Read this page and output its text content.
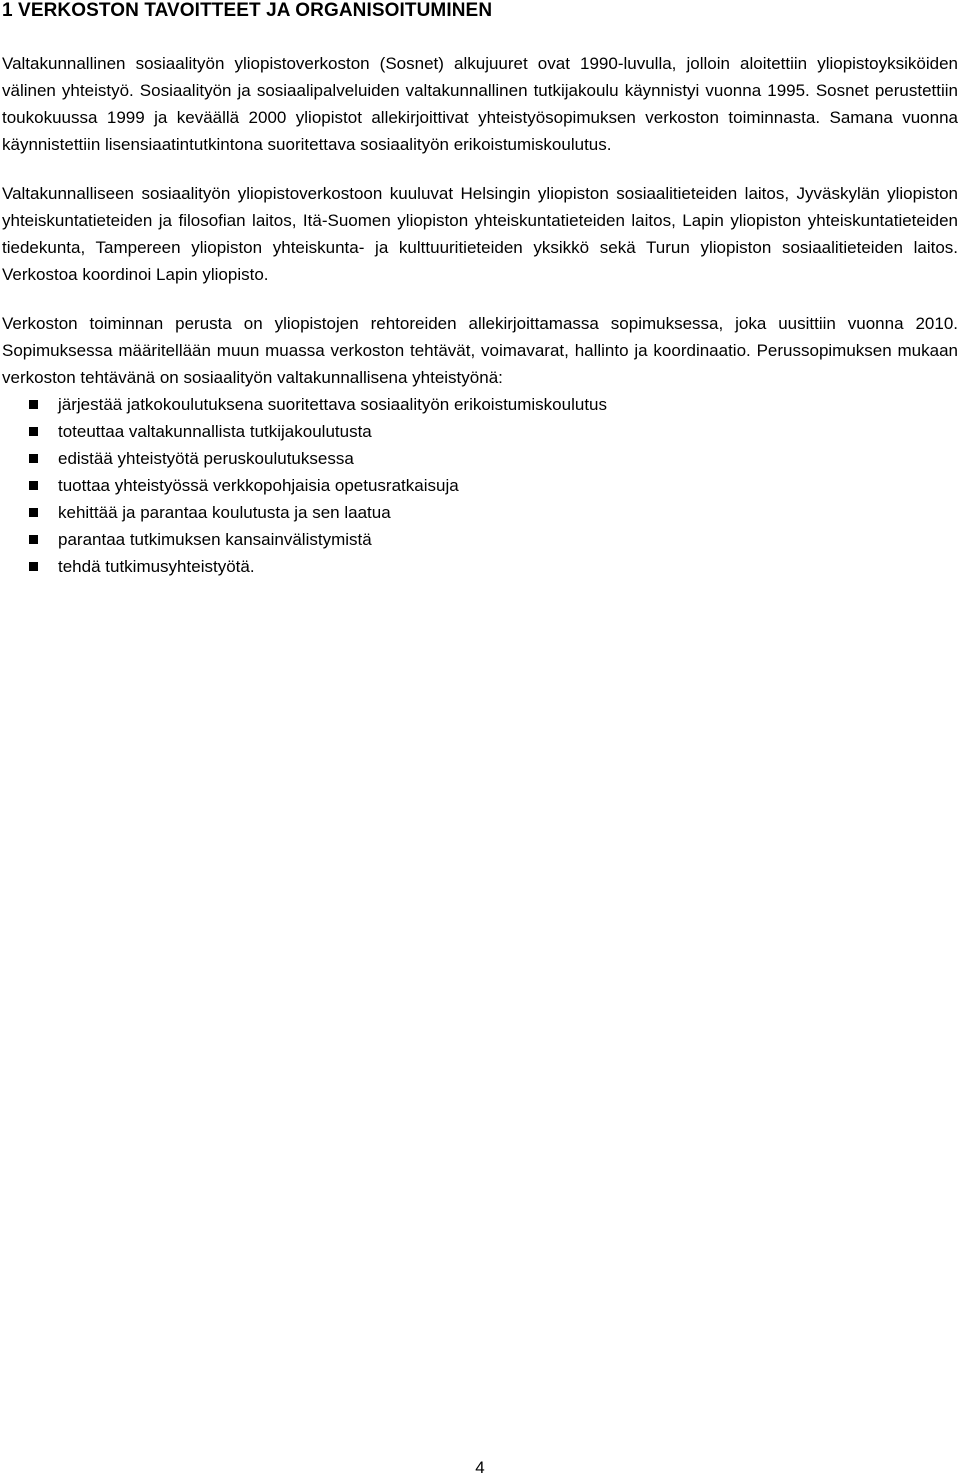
1 VERKOSTON TAVOITTEET JA ORGANISOITUMINEN

Valtakunnallinen sosiaalityön yliopistoverkoston (Sosnet) alkujuuret ovat 1990-luvulla, jolloin aloitettiin yliopistoyksiköiden välinen yhteistyö. Sosiaalityön ja sosiaalipalveluiden valtakunnallinen tutkijakoulu käynnistyi vuonna 1995. Sosnet perustettiin toukokuussa 1999 ja keväällä 2000 yliopistot allekirjoittivat yhteistyösopimuksen verkoston toiminnasta. Samana vuonna käynnistettiin lisensiaatintutkintona suoritettava sosiaalityön erikoistumiskoulutus.

Valtakunnalliseen sosiaalityön yliopistoverkostoon kuuluvat Helsingin yliopiston sosiaalitieteiden laitos, Jyväskylän yliopiston yhteiskuntatieteiden ja filosofian laitos, Itä-Suomen yliopiston yhteiskuntatieteiden laitos, Lapin yliopiston yhteiskuntatieteiden tiedekunta, Tampereen yliopiston yhteiskunta- ja kulttuuritieteiden yksikkö sekä Turun yliopiston sosiaalitieteiden laitos. Verkostoa koordinoi Lapin yliopisto.

Verkoston toiminnan perusta on yliopistojen rehtoreiden allekirjoittamassa sopimuksessa, joka uusittiin vuonna 2010. Sopimuksessa määritellään muun muassa verkoston tehtävät, voimavarat, hallinto ja koordinaatio. Perussopimuksen mukaan verkoston tehtävänä on sosiaalityön valtakunnallisena yhteistyönä:

järjestää jatkokoulutuksena suoritettava sosiaalityön erikoistumiskoulutus
toteuttaa valtakunnallista tutkijakoulutusta
edistää yhteistyötä peruskoulutuksessa
tuottaa yhteistyössä verkkopohjaisia opetusratkaisuja
kehittää ja parantaa koulutusta ja sen laatua
parantaa tutkimuksen kansainvälistymistä
tehdä tutkimusyhteistyötä.
4
